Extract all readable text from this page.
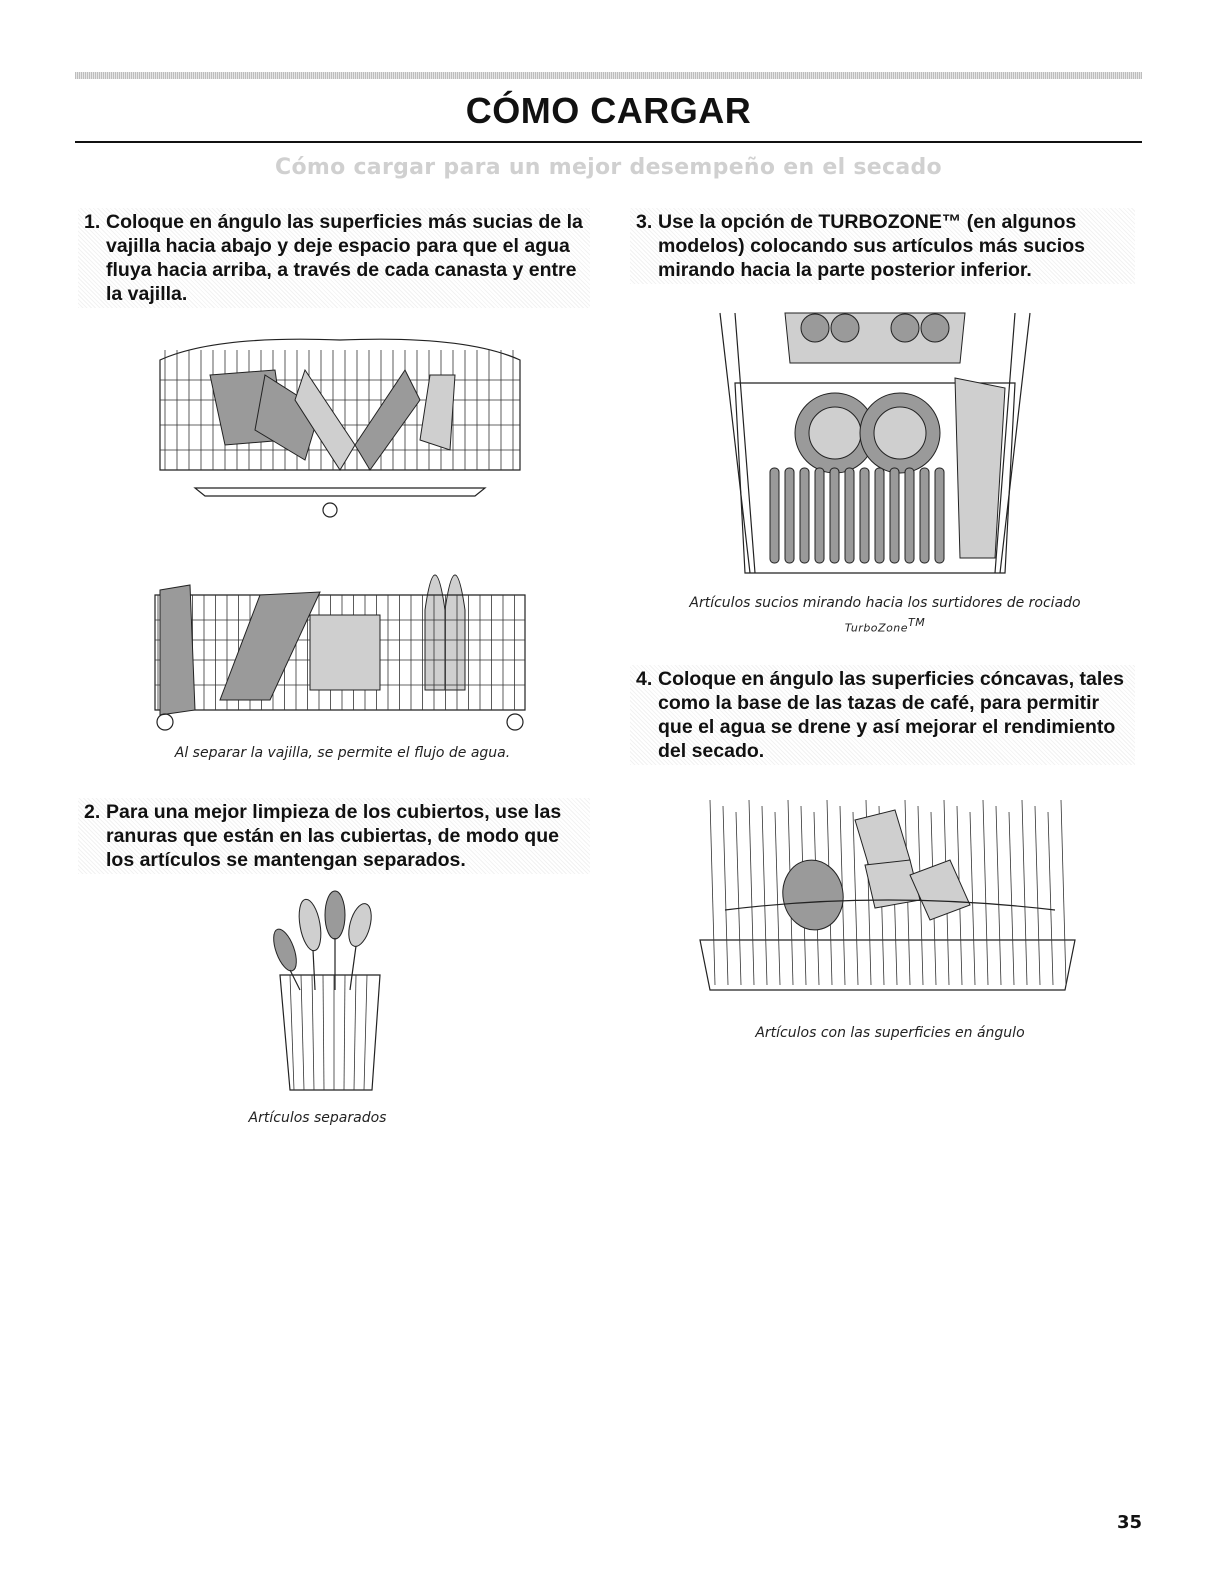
CÓMO CARGAR
Cómo cargar para un mejor desempeño en el secado
1. Coloque en ángulo las superficies más sucias de la vajilla hacia abajo y deje espacio para que el agua fluya hacia arriba, a través de cada canasta y entre la vajilla.
Al separar la vajilla, se permite el flujo de agua.
2. Para una mejor limpieza de los cubiertos, use las ranuras que están en las cubiertas, de modo que los artículos se mantengan separados.
Artículos separados
3. Use la opción de TURBOZONE™ (en algunos modelos) colocando sus artículos más sucios mirando hacia la parte posterior inferior.
Artículos sucios mirando hacia los surtidores de rociado
TurboZone™
4. Coloque en ángulo las superficies cóncavas, tales como la base de las tazas de café, para permitir que el agua se drene y así mejorar el rendimiento del secado.
Artículos con las superficies en ángulo
35
